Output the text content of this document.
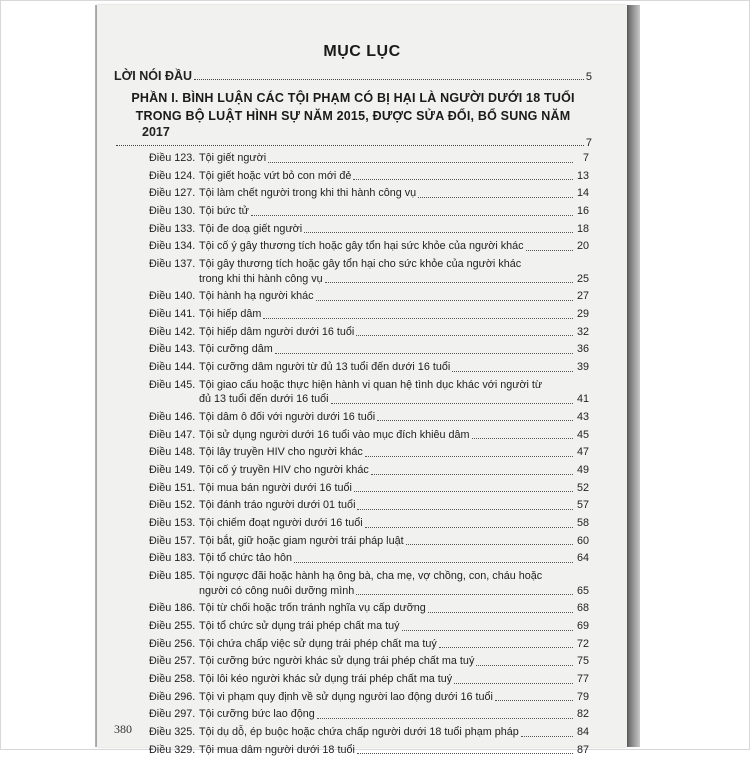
MỤC LỤC
LỜI NÓI ĐẦU	5
PHẦN I. BÌNH LUẬN CÁC TỘI PHẠM CÓ BỊ HẠI LÀ NGƯỜI DƯỚI 18 TUỔI
TRONG BỘ LUẬT HÌNH SỰ NĂM 2015, ĐƯỢC SỬA ĐỔI, BỔ SUNG NĂM
2017
7
Điều 123. Tội giết người	7
Điều 124. Tội giết hoặc vứt bỏ con mới đẻ	13
Điều 127. Tội làm chết người trong khi thi hành công vụ	14
Điều 130. Tội bức tử	16
Điều 133. Tội đe doạ giết người	18
Điều 134. Tội cố ý gây thương tích hoặc gây tổn hại sức khỏe của người khác	20
Điều 137. Tội gây thương tích hoặc gây tổn hại cho sức khỏe của người khác
trong khi thi hành công vụ	25
Điều 140. Tội hành hạ người khác	27
Điều 141. Tội hiếp dâm	29
Điều 142. Tội hiếp dâm người dưới 16 tuổi	32
Điều 143. Tội cưỡng dâm	36
Điều 144. Tội cưỡng dâm người từ đủ 13 tuổi đến dưới 16 tuổi	39
Điều 145. Tội giao cấu hoặc thực hiện hành vi quan hệ tình dục khác với người từ
đủ 13 tuổi đến dưới 16 tuổi	41
Điều 146. Tội dâm ô đối với người dưới 16 tuổi	43
Điều 147. Tội sử dụng người dưới 16 tuổi vào mục đích khiêu dâm	45
Điều 148. Tội lây truyền HIV cho người khác	47
Điều 149. Tội cố ý truyền HIV cho người khác	49
Điều 151. Tội mua bán người dưới 16 tuổi	52
Điều 152. Tội đánh tráo người dưới 01 tuổi	57
Điều 153. Tội chiếm đoạt người dưới 16 tuổi	58
Điều 157. Tội bắt, giữ hoặc giam người trái pháp luật	60
Điều 183. Tội tổ chức tảo hôn	64
Điều 185. Tội ngược đãi hoặc hành hạ ông bà, cha mẹ, vợ chồng, con, cháu hoặc
người có công nuôi dưỡng mình	65
Điều 186. Tội từ chối hoặc trốn tránh nghĩa vụ cấp dưỡng	68
Điều 255. Tội tổ chức sử dụng trái phép chất ma tuý	69
Điều 256. Tội chứa chấp việc sử dụng trái phép chất ma tuý	72
Điều 257. Tội cưỡng bức người khác sử dụng trái phép chất ma tuý	75
Điều 258. Tội lôi kéo người khác sử dụng trái phép chất ma tuý	77
Điều 296. Tội vi phạm quy định về sử dụng người lao động dưới 16 tuổi	79
Điều 297. Tội cưỡng bức lao động	82
Điều 325. Tội dụ dỗ, ép buộc hoặc chứa chấp người dưới 18 tuổi phạm pháp	84
Điều 329. Tội mua dâm người dưới 18 tuổi	87
380
